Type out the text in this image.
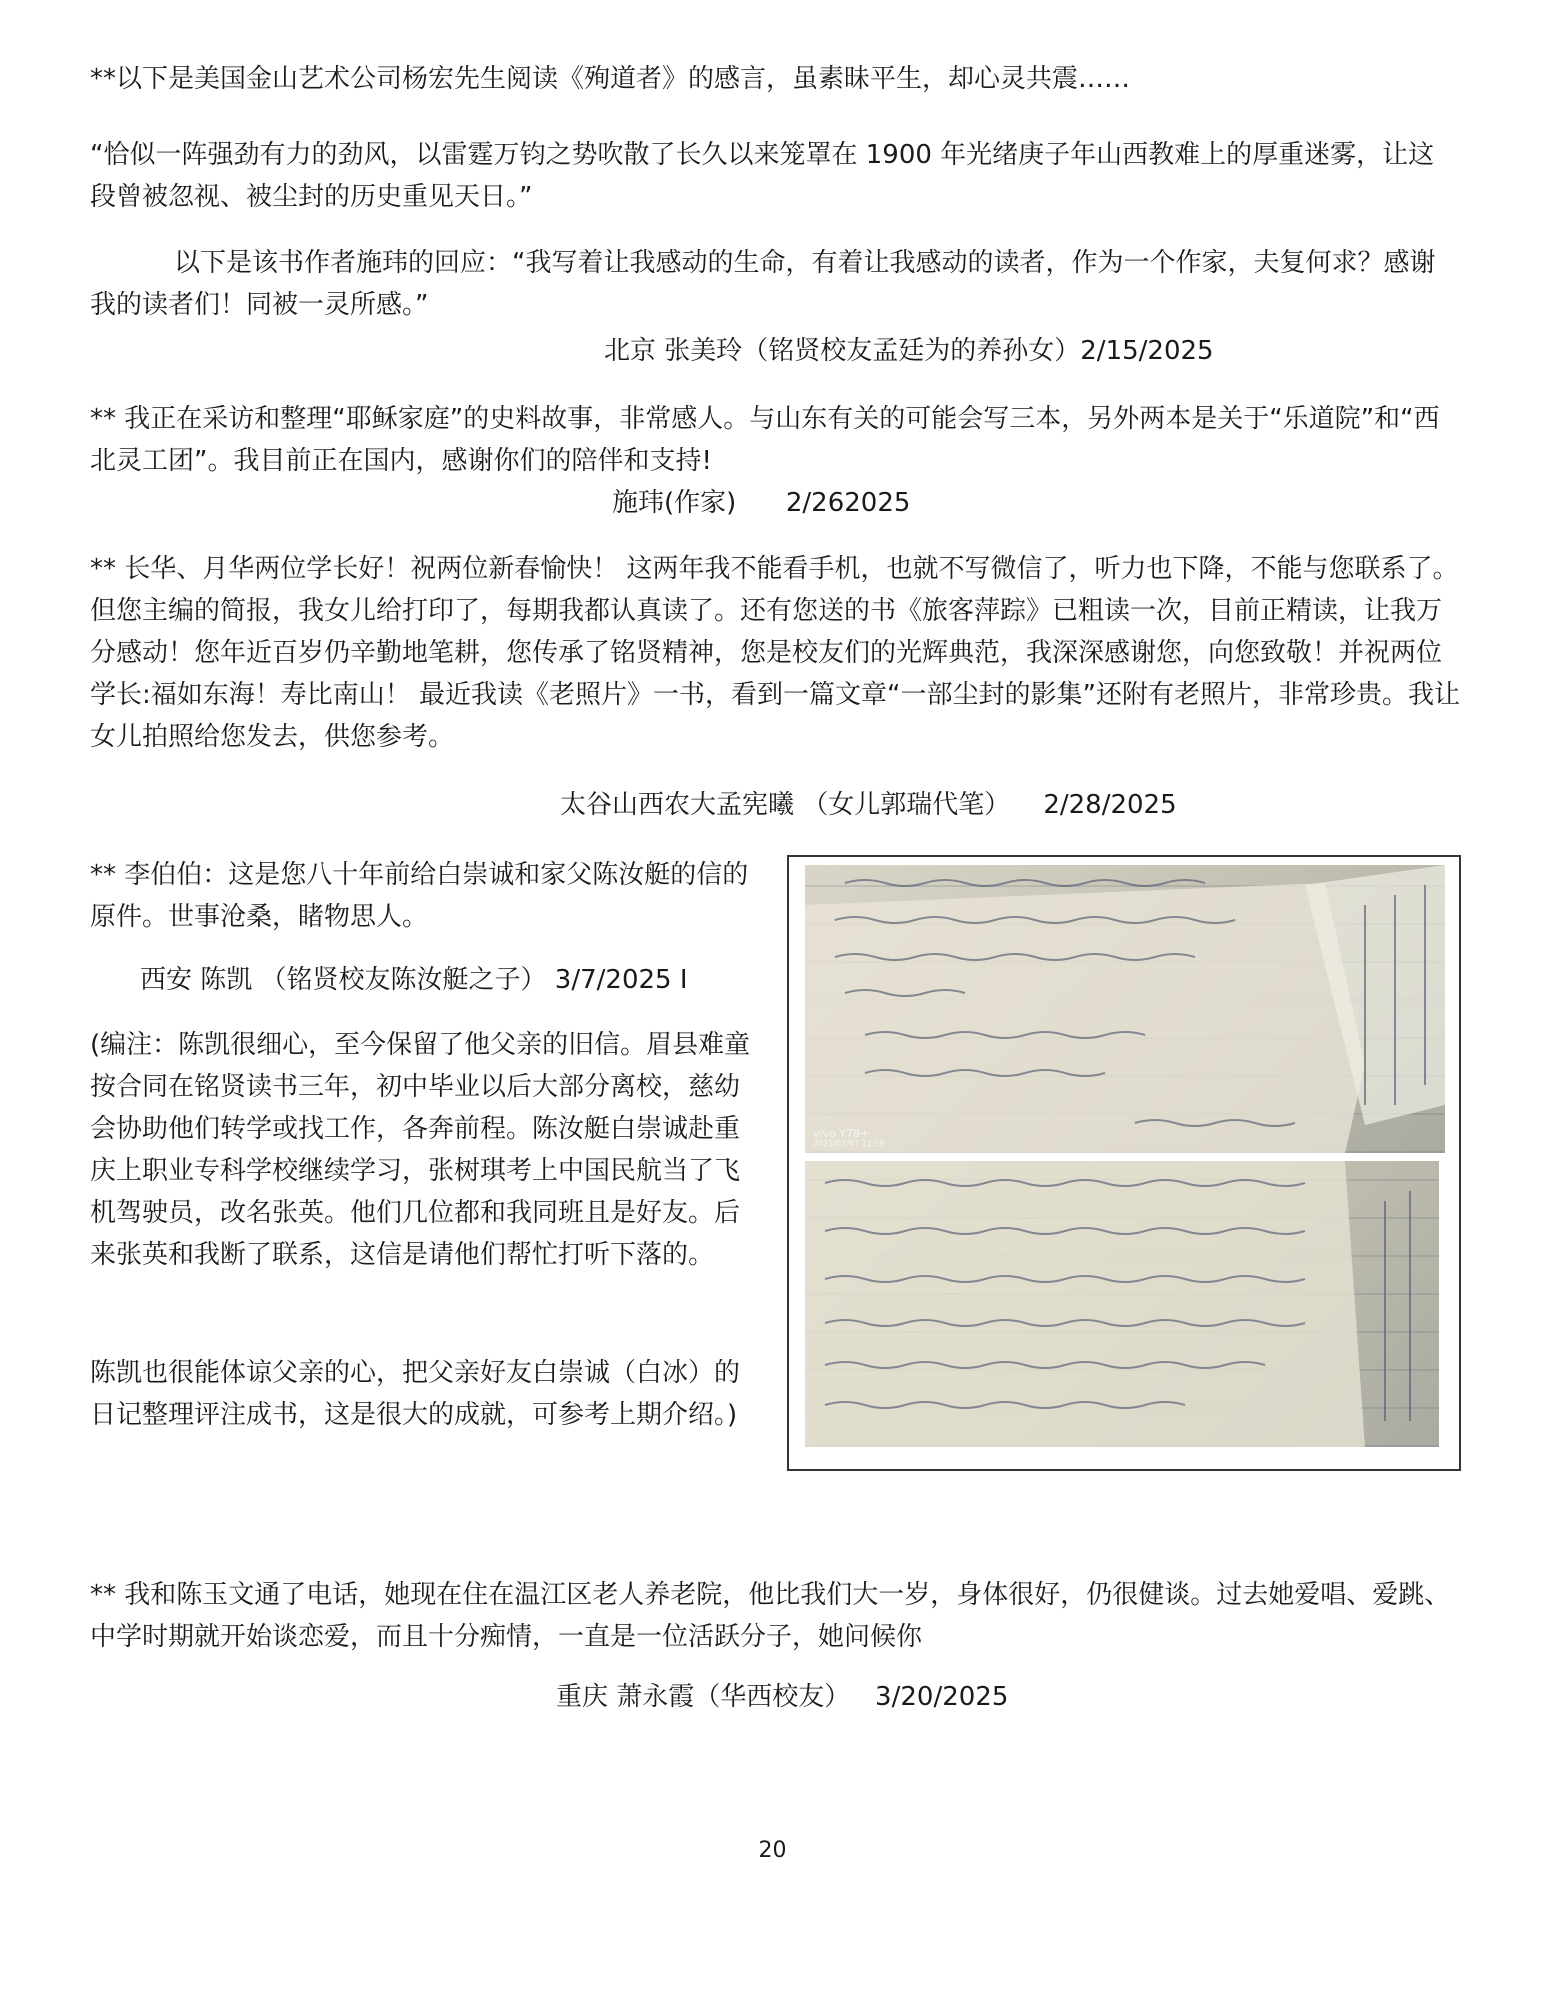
**以下是美国金山艺术公司杨宏先生阅读《殉道者》的感言，虽素昧平生，却心灵共震……

“恰似一阵强劲有力的劲风，以雷霆万钧之势吹散了长久以来笼罩在 1900 年光绪庚子年山西教难上的厚重迷雾，让这段曾被忽视、被尘封的历史重见天日。”

以下是该书作者施玮的回应：“我写着让我感动的生命，有着让我感动的读者，作为一个作家，夫复何求？感谢我的读者们！同被一灵所感。”

北京 张美玲（铭贤校友孟廷为的养孙女）2/15/2025

** 我正在采访和整理“耶稣家庭”的史料故事，非常感人。与山东有关的可能会写三本，另外两本是关于“乐道院”和“西北灵工团”。我目前正在国内，感谢你们的陪伴和支持!

施玮(作家)      2/262025

** 长华、月华两位学长好！祝两位新春愉快！ 这两年我不能看手机，也就不写微信了，听力也下降，不能与您联系了。但您主编的简报，我女儿给打印了，每期我都认真读了。还有您送的书《旅客萍踪》已粗读一次，目前正精读，让我万分感动！您年近百岁仍辛勤地笔耕，您传承了铭贤精神，您是校友们的光辉典范，我深深感谢您，向您致敬！并祝两位学长:福如东海！寿比南山！ 最近我读《老照片》一书，看到一篇文章“一部尘封的影集”还附有老照片，非常珍贵。我让女儿拍照给您发去，供您参考。

太谷山西农大孟宪曦 （女儿郭瑞代笔）    2/28/2025

** 李伯伯：这是您八十年前给白崇诚和家父陈汝艇的信的原件。世事沧桑，睹物思人。

西安 陈凯 （铭贤校友陈汝艇之子） 3/7/2025 I

(编注：陈凯很细心，至今保留了他父亲的旧信。眉县难童按合同在铭贤读书三年，初中毕业以后大部分离校，慈幼会协助他们转学或找工作，各奔前程。陈汝艇白崇诚赴重庆上职业专科学校继续学习，张树琪考上中国民航当了飞机驾驶员，改名张英。他们几位都和我同班且是好友。后来张英和我断了联系，这信是请他们帮忙打听下落的。

陈凯也很能体谅父亲的心，把父亲好友白崇诚（白冰）的日记整理评注成书，这是很大的成就，可参考上期介绍。)

vivo Y78+
2025/03/07 12:59

** 我和陈玉文通了电话，她现在住在温江区老人养老院，他比我们大一岁，身体很好，仍很健谈。过去她爱唱、爱跳、中学时期就开始谈恋爱，而且十分痴情，一直是一位活跃分子，她问候你

重庆 萧永霞（华西校友）   3/20/2025

20
